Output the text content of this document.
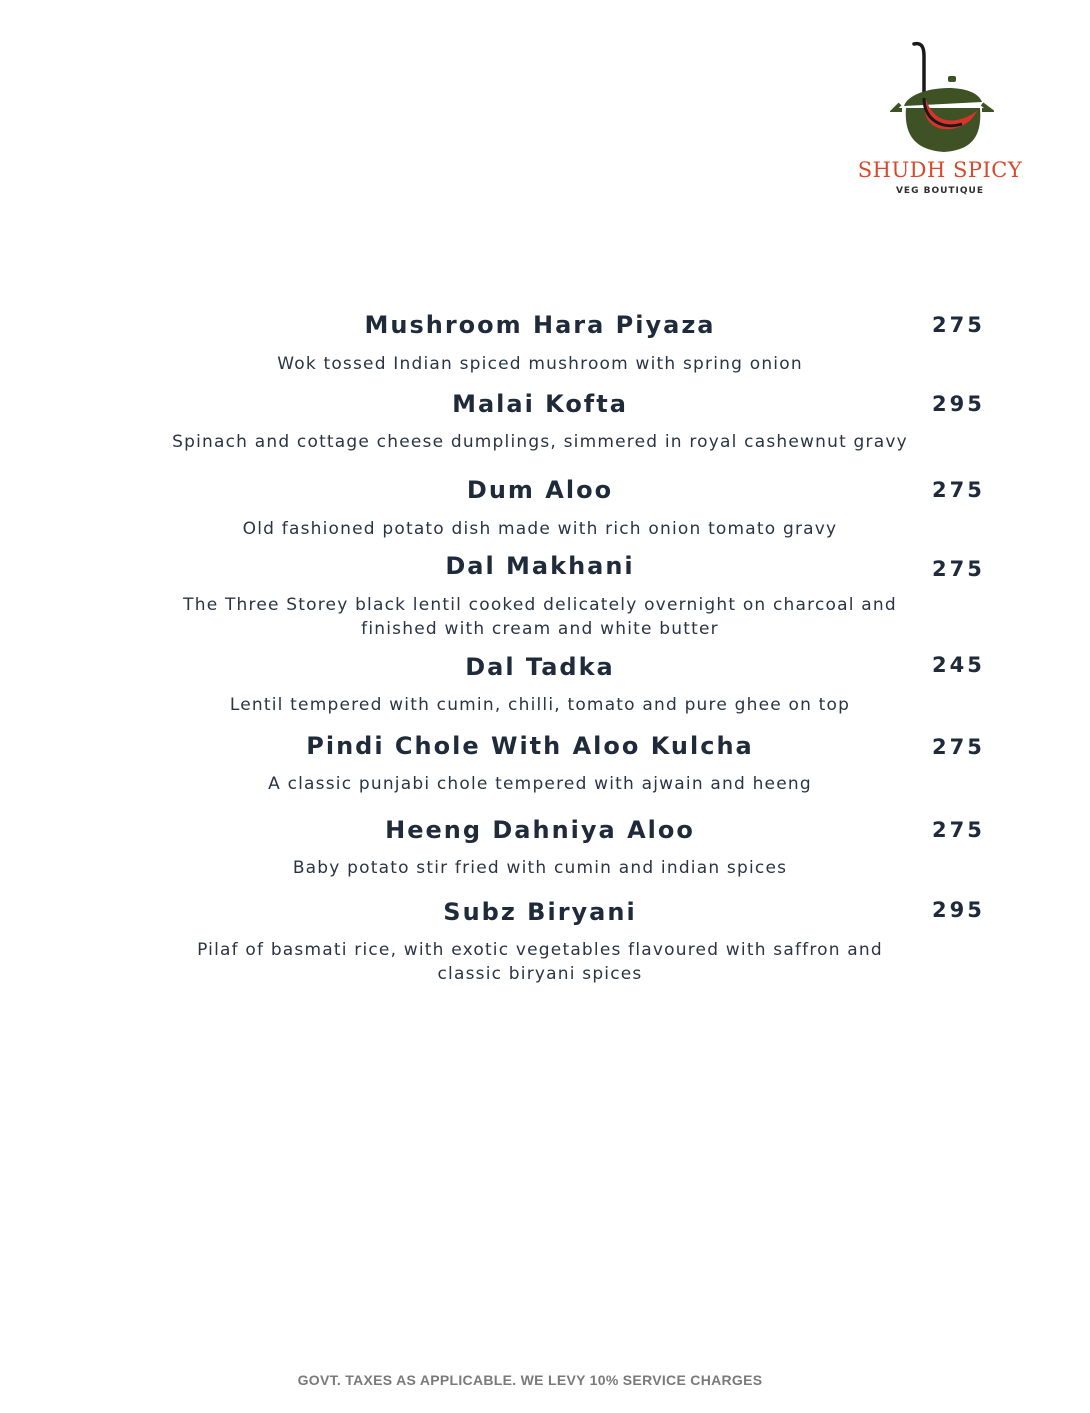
SHUDH SPICY
VEG BOUTIQUE
Mushroom Hara Piyaza
Wok tossed Indian spiced mushroom with spring onion
275
Malai Kofta
Spinach and cottage cheese dumplings, simmered in royal cashewnut gravy
295
Dum Aloo
Old fashioned potato dish made with rich onion tomato gravy
275
Dal Makhani
The Three Storey black lentil cooked delicately overnight on charcoal and finished with cream and white butter
275
Dal Tadka
Lentil tempered with cumin, chilli, tomato and pure ghee on top
245
Pindi Chole With Aloo Kulcha
A classic punjabi chole tempered with ajwain and heeng
275
Heeng Dahniya Aloo
Baby potato stir fried with cumin and indian spices
275
Subz Biryani
Pilaf of basmati rice, with exotic vegetables flavoured with saffron and classic biryani spices
295
GOVT. TAXES AS APPLICABLE. WE LEVY 10% SERVICE CHARGES
